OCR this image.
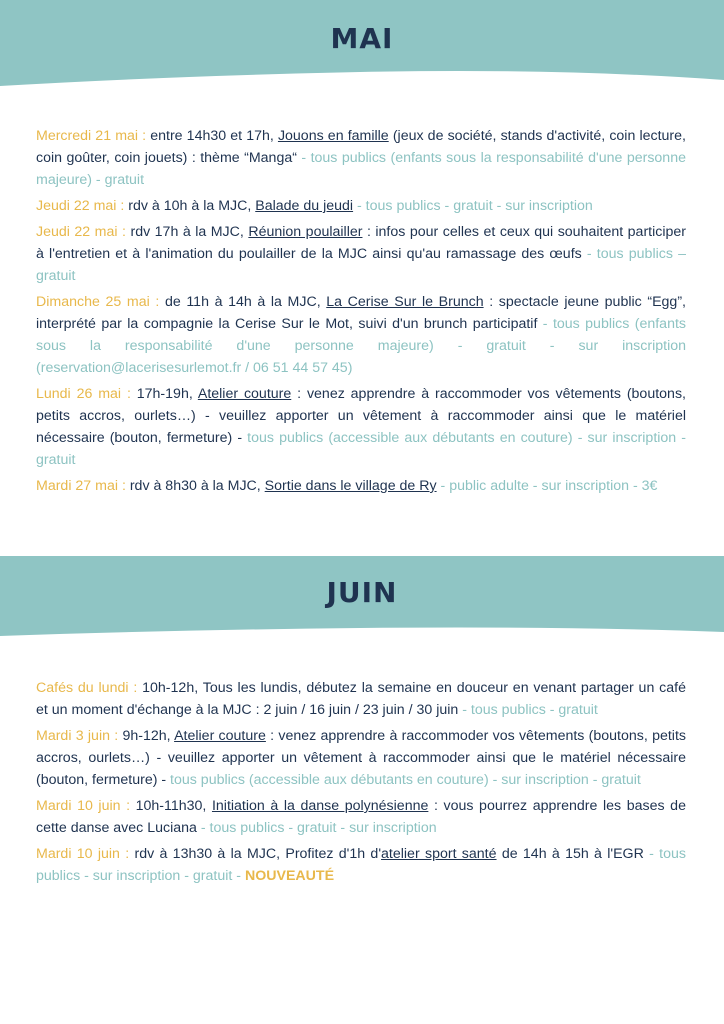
MAI

Mercredi 21 mai : entre 14h30 et 17h, Jouons en famille (jeux de société, stands d'activité, coin lecture, coin goûter, coin jouets) : thème “Manga“ - tous publics (enfants sous la responsabilité d'une personne majeure) - gratuit

Jeudi 22 mai : rdv à 10h à la MJC, Balade du jeudi - tous publics - gratuit - sur inscription

Jeudi 22 mai : rdv 17h à la MJC, Réunion poulailler : infos pour celles et ceux qui souhaitent participer à l'entretien et à l'animation du poulailler de la MJC ainsi qu'au ramassage des œufs - tous publics – gratuit

Dimanche 25 mai : de 11h à 14h à la MJC, La Cerise Sur le Brunch : spectacle jeune public “Egg”, interprété par la compagnie la Cerise Sur le Mot, suivi d'un brunch participatif - tous publics (enfants sous la responsabilité d'une personne majeure) - gratuit - sur inscription (reservation@lacerisesurlemot.fr / 06 51 44 57 45)

Lundi 26 mai : 17h-19h, Atelier couture : venez apprendre à raccommoder vos vêtements (boutons, petits accros, ourlets…) - veuillez apporter un vêtement à raccommoder ainsi que le matériel nécessaire (bouton, fermeture) - tous publics (accessible aux débutants en couture) - sur inscription - gratuit

Mardi 27 mai : rdv à 8h30 à la MJC, Sortie dans le village de Ry - public adulte - sur inscription - 3€

JUIN

Cafés du lundi : 10h-12h, Tous les lundis, débutez la semaine en douceur en venant partager un café et un moment d'échange à la MJC : 2 juin / 16 juin / 23 juin / 30 juin - tous publics - gratuit

Mardi 3 juin : 9h-12h, Atelier couture : venez apprendre à raccommoder vos vêtements (boutons, petits accros, ourlets…) - veuillez apporter un vêtement à raccommoder ainsi que le matériel nécessaire (bouton, fermeture) - tous publics (accessible aux débutants en couture) - sur inscription - gratuit

Mardi 10 juin : 10h-11h30, Initiation à la danse polynésienne : vous pourrez apprendre les bases de cette danse avec Luciana - tous publics - gratuit - sur inscription

Mardi 10 juin : rdv à 13h30 à la MJC, Profitez d'1h d'atelier sport santé de 14h à 15h à l'EGR - tous publics - sur inscription - gratuit - NOUVEAUTÉ
